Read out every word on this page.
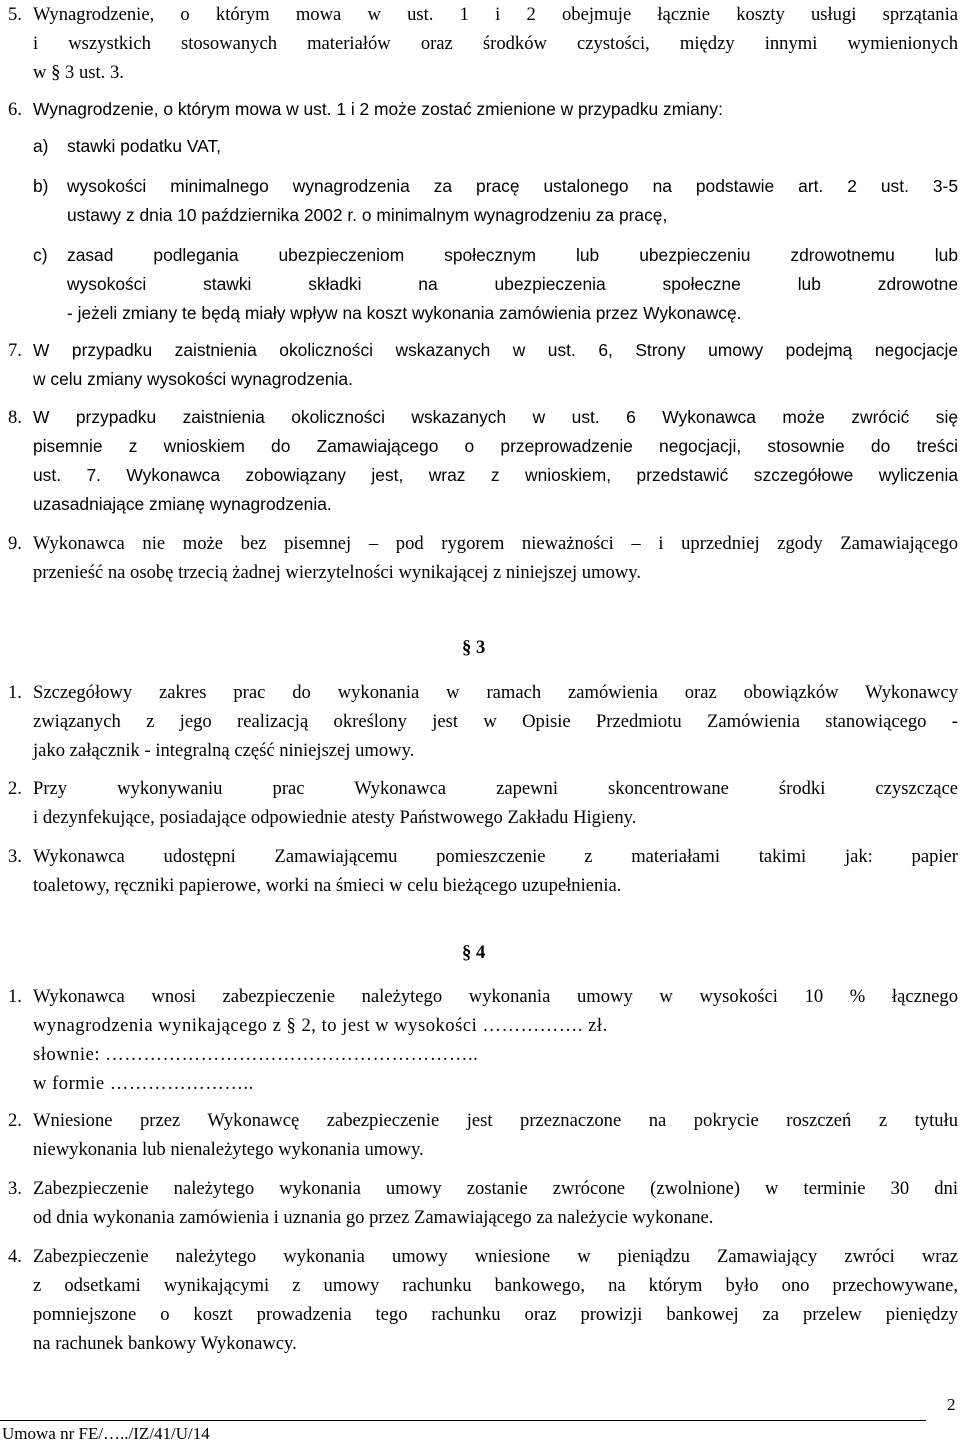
5. Wynagrodzenie, o którym mowa w ust. 1 i 2 obejmuje łącznie koszty usługi sprzątania
i wszystkich stosowanych materiałów oraz środków czystości, między innymi wymienionych
w § 3 ust. 3.
6. Wynagrodzenie, o którym mowa w ust. 1 i 2 może zostać zmienione w przypadku zmiany:
a) stawki podatku VAT,
b) wysokości minimalnego wynagrodzenia za pracę ustalonego na podstawie art. 2 ust. 3-5
ustawy z dnia 10 października 2002 r. o minimalnym wynagrodzeniu za pracę,
c) zasad podlegania ubezpieczeniom społecznym lub ubezpieczeniu zdrowotnemu lub
wysokości stawki składki na ubezpieczenia społeczne lub zdrowotne
- jeżeli zmiany te będą miały wpływ na koszt wykonania zamówienia przez Wykonawcę.
7. W przypadku zaistnienia okoliczności wskazanych w ust. 6, Strony umowy podejmą negocjacje
w celu zmiany wysokości wynagrodzenia.
8. W przypadku zaistnienia okoliczności wskazanych w ust. 6 Wykonawca może zwrócić się
pisemnie z wnioskiem do Zamawiającego o przeprowadzenie negocjacji, stosownie do treści
ust. 7. Wykonawca zobowiązany jest, wraz z wnioskiem, przedstawić szczegółowe wyliczenia
uzasadniające zmianę wynagrodzenia.
9. Wykonawca nie może bez pisemnej – pod rygorem nieważności – i uprzedniej zgody Zamawiającego
przenieść na osobę trzecią żadnej wierzytelności wynikającej z niniejszej umowy.
§ 3
1. Szczegółowy zakres prac do wykonania w ramach zamówienia oraz obowiązków Wykonawcy
związanych z jego realizacją określony jest w Opisie Przedmiotu Zamówienia stanowiącego -
jako załącznik - integralną część niniejszej umowy.
2. Przy wykonywaniu prac Wykonawca zapewni skoncentrowane środki czyszczące
i dezynfekujące, posiadające odpowiednie atesty Państwowego Zakładu Higieny.
3. Wykonawca udostępni Zamawiającemu pomieszczenie z materiałami takimi jak: papier
toaletowy, ręczniki papierowe, worki na śmieci w celu bieżącego uzupełnienia.
§ 4
1. Wykonawca wnosi zabezpieczenie należytego wykonania umowy w wysokości 10 % łącznego
wynagrodzenia wynikającego z § 2, to jest w wysokości ……………. zł.
słownie: …………………………………………………..
w formie …………………..
2. Wniesione przez Wykonawcę zabezpieczenie jest przeznaczone na pokrycie roszczeń z tytułu
niewykonania lub nienależytego wykonania umowy.
3. Zabezpieczenie należytego wykonania umowy zostanie zwrócone (zwolnione) w terminie 30 dni
od dnia wykonania zamówienia i uznania go przez Zamawiającego za należycie wykonane.
4. Zabezpieczenie należytego wykonania umowy wniesione w pieniądzu Zamawiający zwróci wraz
z odsetkami wynikającymi z umowy rachunku bankowego, na którym było ono przechowywane,
pomniejszone o koszt prowadzenia tego rachunku oraz prowizji bankowej za przelew pieniędzy
na rachunek bankowy Wykonawcy.
2
Umowa nr FE/…../IZ/41/U/14
